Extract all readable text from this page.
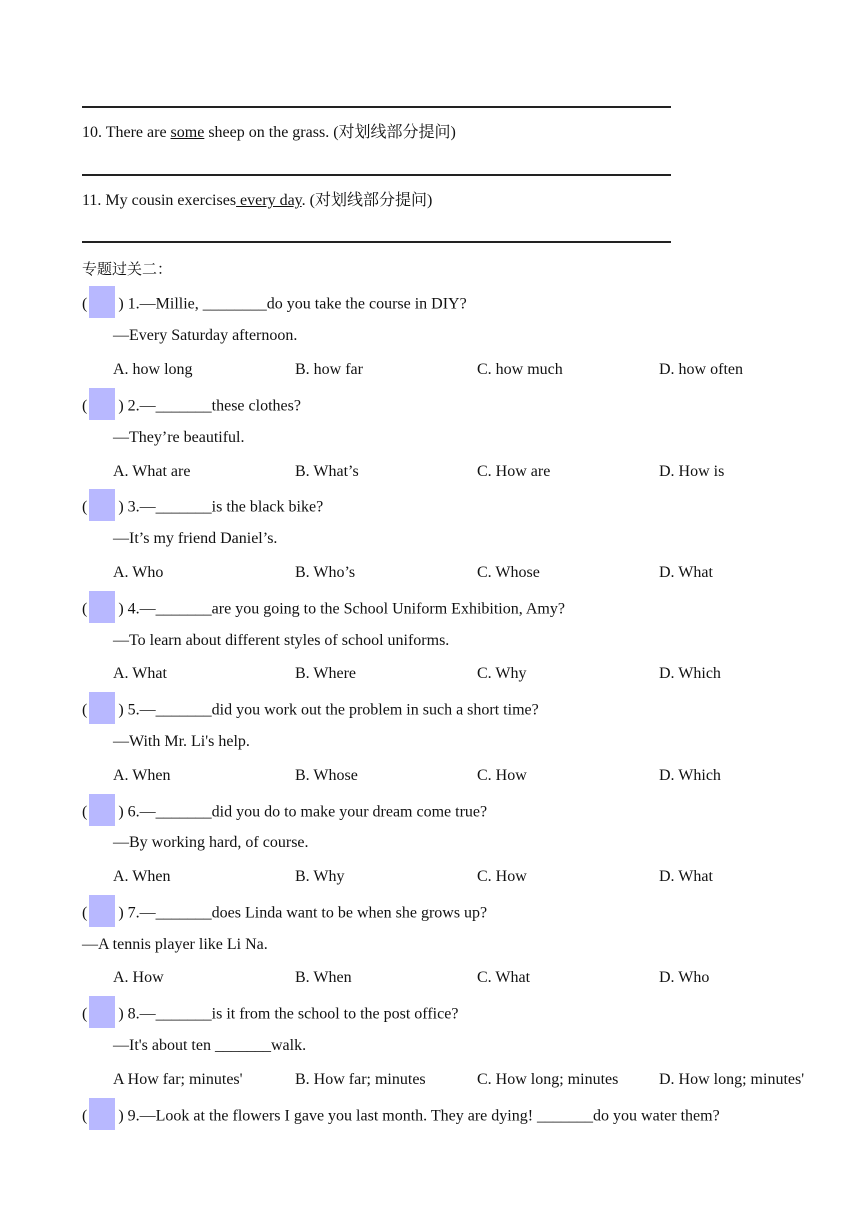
10. There are some sheep on the grass. (对划线部分提问)
11. My cousin exercises every day. (对划线部分提问)
专题过关二：
( ) 1.—Millie, ________do you take the course in DIY?
—Every Saturday afternoon.
A. how long	B. how far	C. how much	D. how often
( ) 2.—_______these clothes?
—They’re beautiful.
A. What are	B. What’s	C. How are	D. How is
( ) 3.—_______is the black bike?
—It’s my friend Daniel’s.
A. Who	B. Who’s	C. Whose	D. What
( ) 4.—_______are you going to the School Uniform Exhibition, Amy?
—To learn about different styles of school uniforms.
A. What	B. Where	C. Why	D. Which
( ) 5.—_______did you work out the problem in such a short time?
—With Mr. Li's help.
A. When	B. Whose	C. How	D. Which
( ) 6.—_______did you do to make your dream come true?
—By working hard, of course.
A. When	B. Why	C. How	D. What
( ) 7.—_______does Linda want to be when she grows up?
—A tennis player like Li Na.
A. How	B. When	C. What	D. Who
( ) 8.—_______is it from the school to the post office?
—It's about ten _______walk.
A How far; minutes'	B. How far; minutes	C. How long; minutes	D. How long; minutes'
( ) 9.—Look at the flowers I gave you last month. They are dying! _______do you water them?
